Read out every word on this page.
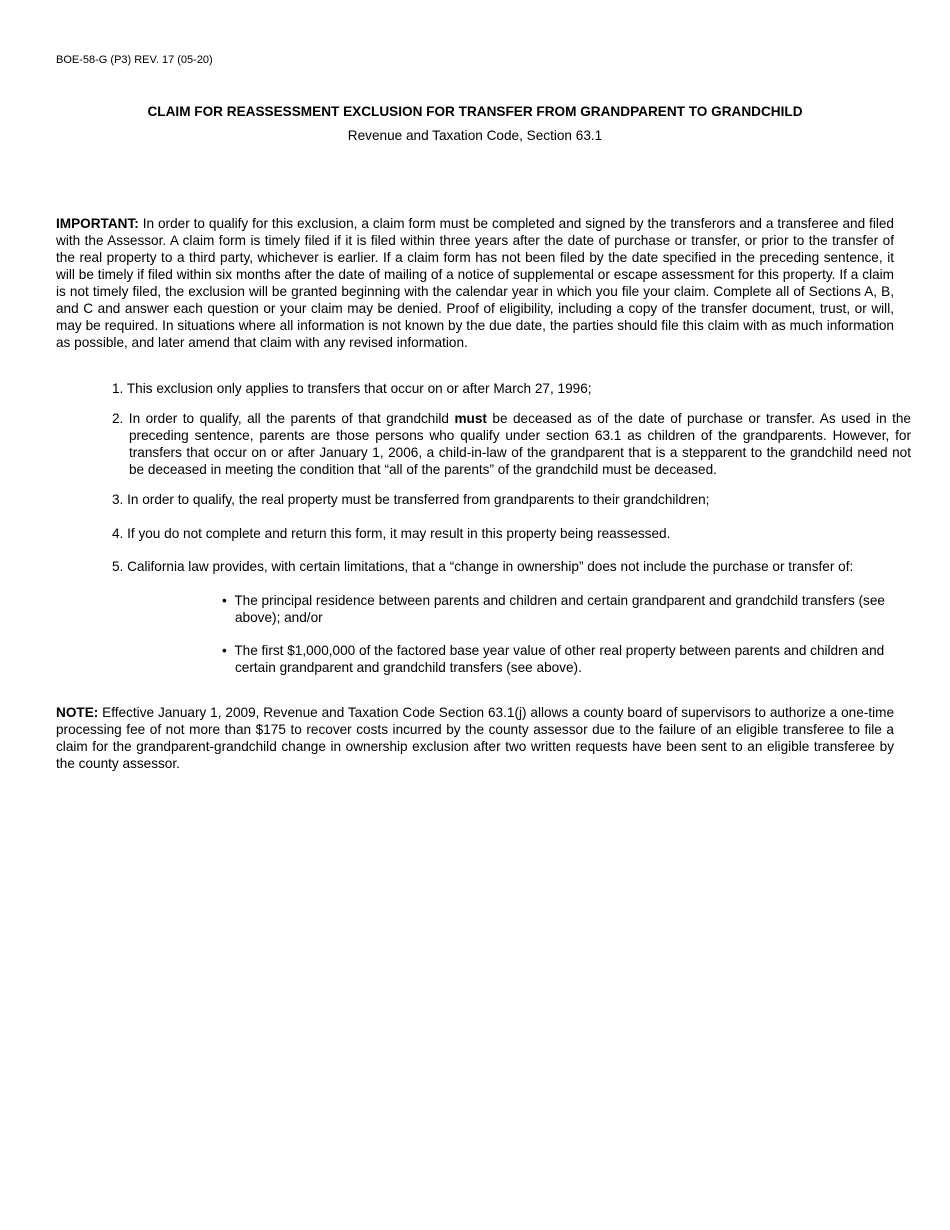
BOE-58-G (P3) REV. 17 (05-20)
CLAIM FOR REASSESSMENT EXCLUSION FOR TRANSFER FROM GRANDPARENT TO GRANDCHILD
Revenue and Taxation Code, Section 63.1

IMPORTANT: In order to qualify for this exclusion, a claim form must be completed and signed by the transferors and a transferee and filed with the Assessor. A claim form is timely filed if it is filed within three years after the date of purchase or transfer, or prior to the transfer of the real property to a third party, whichever is earlier. If a claim form has not been filed by the date specified in the preceding sentence, it will be timely if filed within six months after the date of mailing of a notice of supplemental or escape assessment for this property. If a claim is not timely filed, the exclusion will be granted beginning with the calendar year in which you file your claim. Complete all of Sections A, B, and C and answer each question or your claim may be denied. Proof of eligibility, including a copy of the transfer document, trust, or will, may be required. In situations where all information is not known by the due date, the parties should file this claim with as much information as possible, and later amend that claim with any revised information.

1. This exclusion only applies to transfers that occur on or after March 27, 1996;

2. In order to qualify, all the parents of that grandchild must be deceased as of the date of purchase or transfer. As used in the preceding sentence, parents are those persons who qualify under section 63.1 as children of the grandparents. However, for transfers that occur on or after January 1, 2006, a child-in-law of the grandparent that is a stepparent to the grandchild need not be deceased in meeting the condition that “all of the parents” of the grandchild must be deceased.

3. In order to qualify, the real property must be transferred from grandparents to their grandchildren;

4. If you do not complete and return this form, it may result in this property being reassessed.

5. California law provides, with certain limitations, that a “change in ownership” does not include the purchase or transfer of:

• The principal residence between parents and children and certain grandparent and grandchild transfers (see above); and/or

• The first $1,000,000 of the factored base year value of other real property between parents and children and certain grandparent and grandchild transfers (see above).

NOTE: Effective January 1, 2009, Revenue and Taxation Code Section 63.1(j) allows a county board of supervisors to authorize a one-time processing fee of not more than $175 to recover costs incurred by the county assessor due to the failure of an eligible transferee to file a claim for the grandparent-grandchild change in ownership exclusion after two written requests have been sent to an eligible transferee by the county assessor.
